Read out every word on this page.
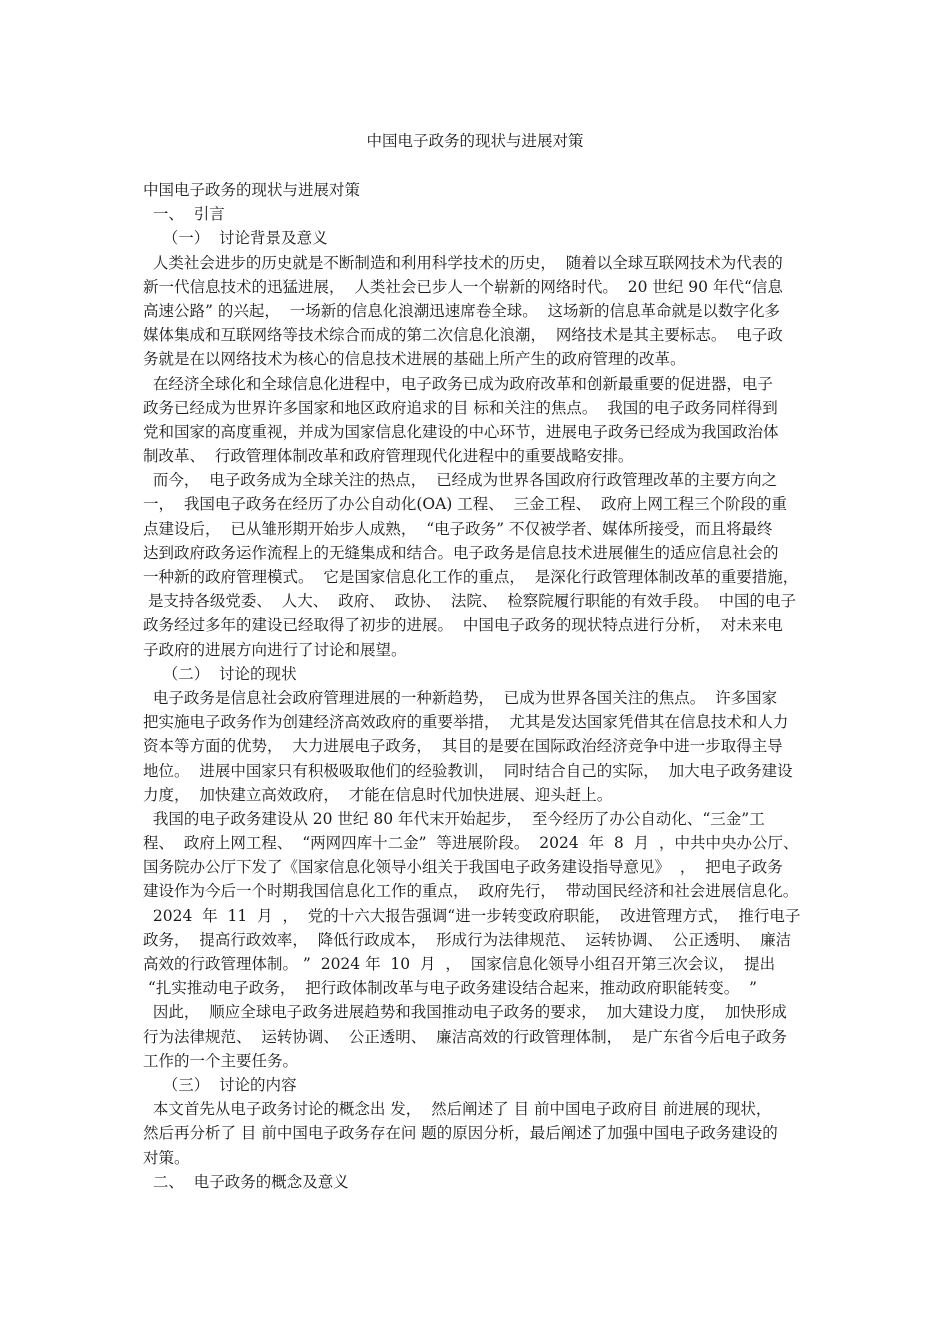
中国电子政务的现状与进展对策
中国电子政务的现状与进展对策
一、  引言
（一）  讨论背景及意义
人类社会进步的历史就是不断制造和利用科学技术的历史，  随着以全球互联网技术为代表的
新一代信息技术的迅猛进展，  人类社会已步人一个崭新的网络时代。  20 世纪 90 年代“信息
高速公路” 的兴起，  一场新的信息化浪潮迅速席卷全球。  这场新的信息革命就是以数字化多
媒体集成和互联网络等技术综合而成的第二次信息化浪潮，  网络技术是其主要标志。  电子政
务就是在以网络技术为核心的信息技术进展的基础上所产生的政府管理的改革。
在经济全球化和全球信息化进程中，电子政务已成为政府改革和创新最重要的促进器，电子
政务已经成为世界许多国家和地区政府追求的目 标和关注的焦点。  我国的电子政务同样得到
党和国家的高度重视，并成为国家信息化建设的中心环节，进展电子政务已经成为我国政治体
制改革、  行政管理体制改革和政府管理现代化进程中的重要战略安排。
而今，  电子政务成为全球关注的热点，  已经成为世界各国政府行政管理改革的主要方向之
一，  我国电子政务在经历了办公自动化(OA) 工程、  三金工程、  政府上网工程三个阶段的重
点建设后，  已从雏形期开始步人成熟，  “电子政务” 不仅被学者、媒体所接受，而且将最终
达到政府政务运作流程上的无缝集成和结合。电子政务是信息技术进展催生的适应信息社会的
一种新的政府管理模式。  它是国家信息化工作的重点，  是深化行政管理体制改革的重要措施，
是支持各级党委、  人大、  政府、  政协、  法院、  检察院履行职能的有效手段。  中国的电子
政务经过多年的建设已经取得了初步的进展。  中国电子政务的现状特点进行分析，  对未来电
子政府的进展方向进行了讨论和展望。
（二）  讨论的现状
电子政务是信息社会政府管理进展的一种新趋势，  已成为世界各国关注的焦点。  许多国家
把实施电子政务作为创建经济高效政府的重要举措，  尤其是发达国家凭借其在信息技术和人力
资本等方面的优势，  大力进展电子政务，  其目的是要在国际政治经济竞争中进一步取得主导
地位。  进展中国家只有积极吸取他们的经验教训，  同时结合自己的实际，  加大电子政务建设
力度，  加快建立高效政府，  才能在信息时代加快进展、迎头赶上。
我国的电子政务建设从 20 世纪 80 年代末开始起步，  至今经历了办公自动化、“三金”工
程、  政府上网工程、  “两网四库十二金”  等进展阶段。  2024  年  8  月  ，中共中央办公厅、
国务院办公厅下发了《国家信息化领导小组关于我国电子政务建设指导意见》  ，  把电子政务
建设作为今后一个时期我国信息化工作的重点，  政府先行，  带动国民经济和社会进展信息化。
2024  年  11  月  ，  党的十六大报告强调“进一步转变政府职能，  改进管理方式，  推行电子
政务，  提高行政效率，  降低行政成本，  形成行为法律规范、  运转协调、  公正透明、  廉洁
高效的行政管理体制。 ”  2024 年  10  月  ，  国家信息化领导小组召开第三次会议，  提出
“扎实推动电子政务，  把行政体制改革与电子政务建设结合起来，推动政府职能转变。  ”
因此，  顺应全球电子政务进展趋势和我国推动电子政务的要求，  加大建设力度，  加快形成
行为法律规范、  运转协调、  公正透明、  廉洁高效的行政管理体制，  是广东省今后电子政务
工作的一个主要任务。
（三）  讨论的内容
本文首先从电子政务讨论的概念出 发，  然后阐述了 目 前中国电子政府目 前进展的现状，
然后再分析了 目 前中国电子政务存在问 题的原因分析，最后阐述了加强中国电子政务建设的
对策。
二、  电子政务的概念及意义
